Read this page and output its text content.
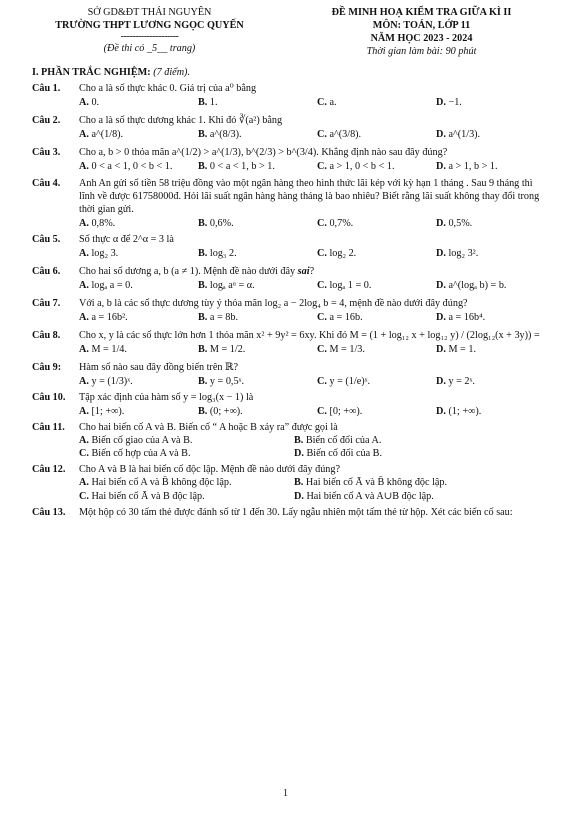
SỞ GD&ĐT THÁI NGUYÊN
TRƯỜNG THPT LƯƠNG NGỌC QUYẾN
--------------------
(Đề thi có _5__ trang)
ĐỀ MINH HOẠ KIỂM TRA GIỮA KÌ II
MÔN: TOÁN, LỚP 11
NĂM HỌC 2023 - 2024
Thời gian làm bài: 90 phút
I. PHẦN TRẮC NGHIỆM: (7 điểm).
Câu 1.	Cho a là số thực khác 0. Giá trị của a⁰ bằng
A. 0.	B. 1.	C. a.	D. −1.
Câu 2.	Cho a là số thực dương khác 1. Khi đó ∛(a²) bằng
A. a^(1/8).	B. a^(8/3).	C. a^(3/8).	D. a^(1/3).
Câu 3.	Cho a, b > 0 thỏa mãn a^(1/2) > a^(1/3), b^(2/3) > b^(3/4). Khẳng định nào sau đây đúng?
A. 0 < a < 1, 0 < b < 1.	B. 0 < a < 1, b > 1.	C. a > 1, 0 < b < 1.	D. a > 1, b > 1.
Câu 4.	Anh An gửi số tiền 58 triệu đồng vào một ngân hàng theo hình thức lãi kép với kỳ hạn 1 tháng . Sau 9 tháng thì lĩnh về được 61758000đ. Hỏi lãi suất ngân hàng hàng tháng là bao nhiêu? Biết rằng lãi suất không thay đổi trong thời gian gửi.
A. 0,8%.	B. 0,6%.	C. 0,7%.	D. 0,5%.
Câu 5.	Số thực α để 2^α = 3 là
A. log₂ 3.	B. log₃ 2.	C. log₂ 2.	D. log₂ 3².
Câu 6.	Cho hai số dương a, b (a ≠ 1). Mệnh đề nào dưới đây sai?
A. logₐ a = 0.	B. logₐ aᵅ = α.	C. logₐ 1 = 0.	D. a^(logₐ b) = b.
Câu 7.	Với a, b là các số thực dương tùy ý thỏa mãn log₂ a − 2log₄ b = 4, mệnh đề nào dưới đây đúng?
A. a = 16b².	B. a = 8b.	C. a = 16b.	D. a = 16b⁴.
Câu 8.	Cho x, y là các số thực lớn hơn 1 thỏa mãn x² + 9y² = 6xy. Khi đó M = (1 + log₁₂ x + log₁₂ y) / (2log₁₂(x + 3y)) =
A. M = 1/4.	B. M = 1/2.	C. M = 1/3.	D. M = 1.
Câu 9:	Hàm số nào sau đây đồng biến trên ℝ?
A. y = (1/3)ˣ.	B. y = 0,5ˣ.	C. y = (1/e)ˣ.	D. y = 2ˣ.
Câu 10.	Tập xác định của hàm số y = log₃(x − 1) là
A. [1; +∞).	B. (0; +∞).	C. [0; +∞).	D. (1; +∞).
Câu 11.	Cho hai biến cố A và B. Biến cố “ A hoặc B xảy ra” được gọi là
A. Biến cố giao của A và B.	B. Biến cố đối của A.
C. Biến cố hợp của A và B.	D. Biến cố đối của B.
Câu 12.	Cho A và B là hai biến cố độc lập. Mệnh đề nào dưới đây đúng?
A. Hai biến cố A và B̄ không độc lập.	B. Hai biến cố Ā và B̄ không độc lập.
C. Hai biến cố Ā và B độc lập.	D. Hai biến cố A và A∪B độc lập.
Câu 13.	Một hộp có 30 tấm thẻ được đánh số từ 1 đến 30. Lấy ngẫu nhiên một tấm thẻ từ hộp. Xét các biến cố sau:
1
